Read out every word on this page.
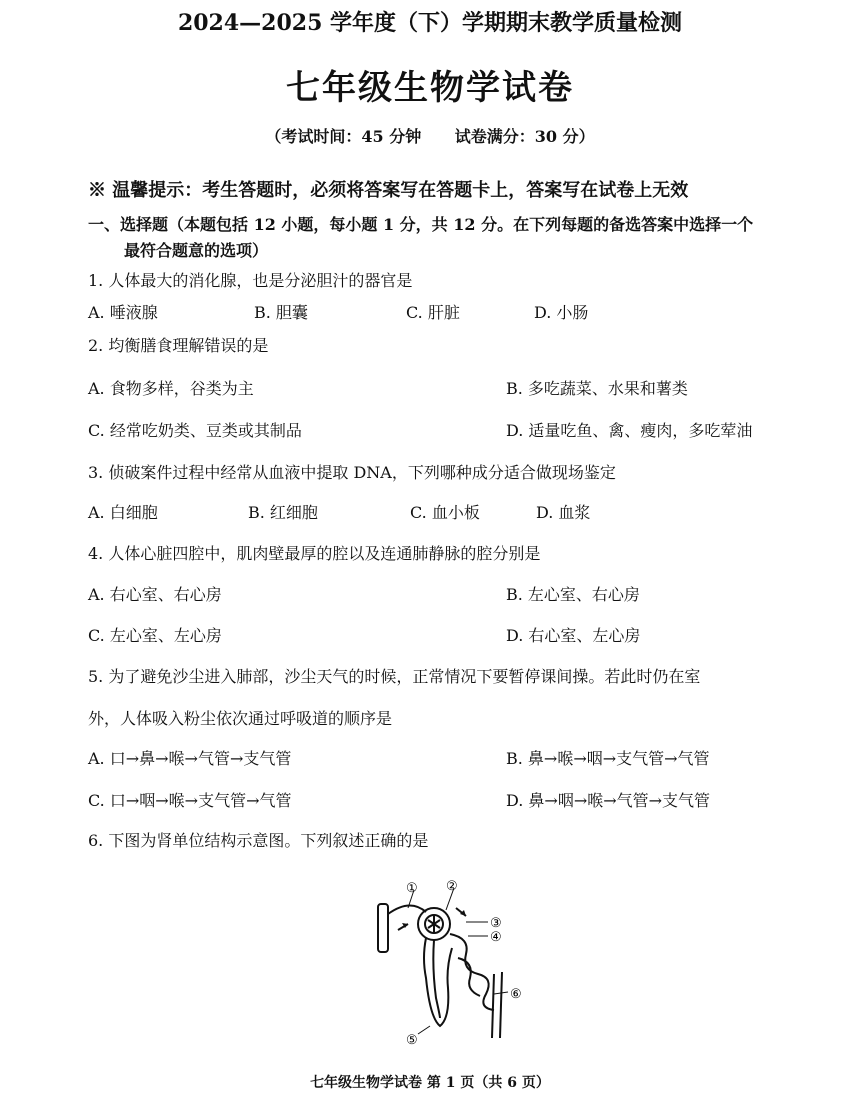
2024—2025 学年度（下）学期期末教学质量检测
七年级生物学试卷
（考试时间：45 分钟 试卷满分：30 分）
※ 温馨提示：考生答题时，必须将答案写在答题卡上，答案写在试卷上无效
一、选择题（本题包括 12 小题，每小题 1 分，共 12 分。在下列每题的备选答案中选择一个
最符合题意的选项）
1. 人体最大的消化腺，也是分泌胆汁的器官是
A. 唾液腺	B. 胆囊	C. 肝脏	D. 小肠
2. 均衡膳食理解错误的是
A. 食物多样，谷类为主	B. 多吃蔬菜、水果和薯类
C. 经常吃奶类、豆类或其制品	D. 适量吃鱼、禽、瘦肉，多吃荤油
3. 侦破案件过程中经常从血液中提取 DNA，下列哪种成分适合做现场鉴定
A. 白细胞	B. 红细胞	C. 血小板	D. 血浆
4. 人体心脏四腔中，肌肉壁最厚的腔以及连通肺静脉的腔分别是
A. 右心室、右心房	B. 左心室、右心房
C. 左心室、左心房	D. 右心室、左心房
5. 为了避免沙尘进入肺部，沙尘天气的时候，正常情况下要暂停课间操。若此时仍在室
外，人体吸入粉尘依次通过呼吸道的顺序是
A. 口→鼻→喉→气管→支气管	B. 鼻→喉→咽→支气管→气管
C. 口→咽→喉→支气管→气管	D. 鼻→咽→喉→气管→支气管
6. 下图为肾单位结构示意图。下列叙述正确的是
① ②
③
④
⑤
⑥
七年级生物学试卷 第 1 页（共 6 页）
